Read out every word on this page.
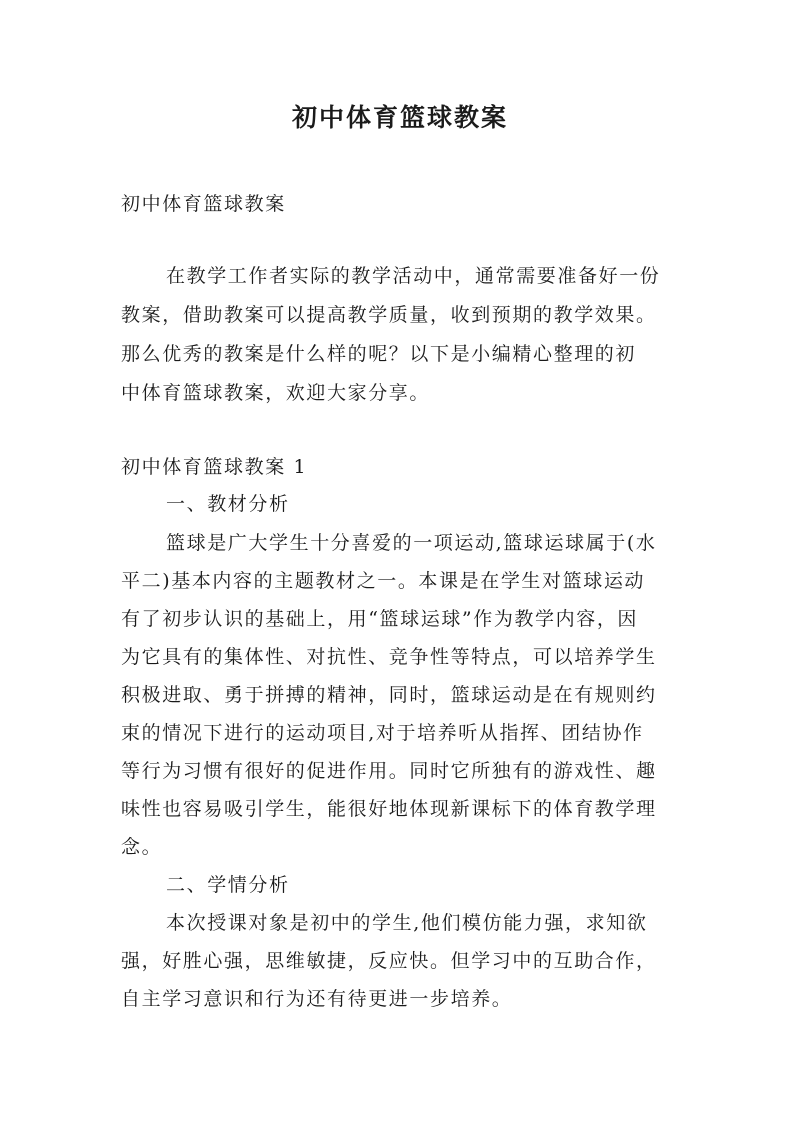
初中体育篮球教案
初中体育篮球教案
在教学工作者实际的教学活动中，通常需要准备好一份
教案，借助教案可以提高教学质量，收到预期的教学效果。
那么优秀的教案是什么样的呢？以下是小编精心整理的初
中体育篮球教案，欢迎大家分享。
初中体育篮球教案 1
一、教材分析
篮球是广大学生十分喜爱的一项运动,篮球运球属于(水
平二)基本内容的主题教材之一。本课是在学生对篮球运动
有了初步认识的基础上，用“篮球运球”作为教学内容，因
为它具有的集体性、对抗性、竞争性等特点，可以培养学生
积极进取、勇于拼搏的精神，同时，篮球运动是在有规则约
束的情况下进行的运动项目,对于培养听从指挥、团结协作
等行为习惯有很好的促进作用。同时它所独有的游戏性、趣
味性也容易吸引学生，能很好地体现新课标下的体育教学理
念。
二、学情分析
本次授课对象是初中的学生,他们模仿能力强，求知欲
强，好胜心强，思维敏捷，反应快。但学习中的互助合作，
自主学习意识和行为还有待更进一步培养。
